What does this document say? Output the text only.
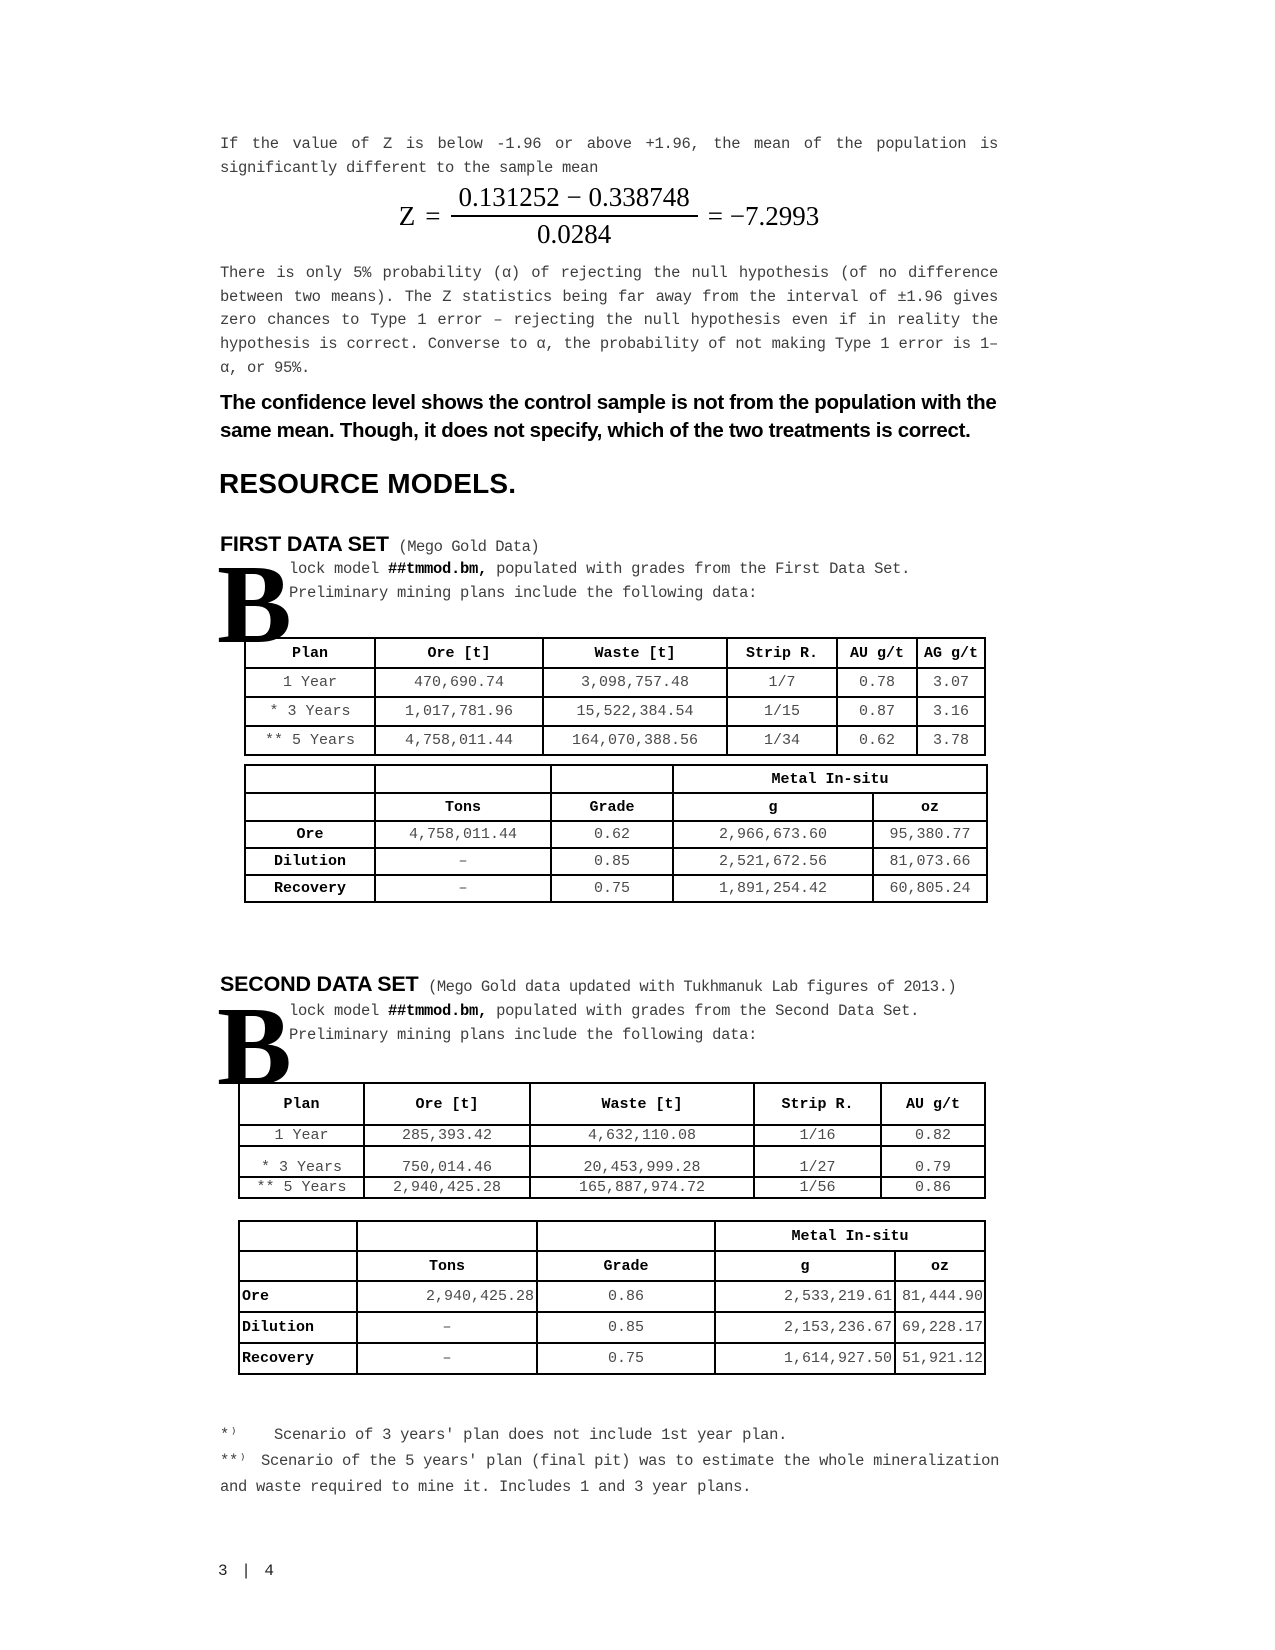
If the value of Z is below -1.96 or above +1.96, the mean of the population is significantly different to the sample mean
$Z = \frac{0.131252 - 0.338748}{0.0284} = -7.2993$
There is only 5% probability (α) of rejecting the null hypothesis (of no difference between two means). The Z statistics being far away from the interval of ±1.96 gives zero chances to Type 1 error – rejecting the null hypothesis even if in reality the hypothesis is correct. Converse to α, the probability of not making Type 1 error is 1–α, or 95%.
The confidence level shows the control sample is not from the population with the same mean. Though, it does not specify, which of the two treatments is correct.
RESOURCE MODELS.
FIRST DATA SET (Mego Gold Data)
B
lock model ##tmmod.bm, populated with grades from the First Data Set. Preliminary mining plans include the following data:
Plan	Ore [t]	Waste [t]	Strip R.	AU g/t	AG g/t
1 Year	470,690.74	3,098,757.48	1/7	0.78	3.07
* 3 Years	1,017,781.96	15,522,384.54	1/15	0.87	3.16
** 5 Years	4,758,011.44	164,070,388.56	1/34	0.62	3.78
			Metal In-situ	
	Tons	Grade	g	oz
Ore	4,758,011.44	0.62	2,966,673.60	95,380.77
Dilution	–	0.85	2,521,672.56	81,073.66
Recovery	–	0.75	1,891,254.42	60,805.24
SECOND DATA SET (Mego Gold data updated with Tukhmanuk Lab figures of 2013.)
B
lock model ##tmmod.bm, populated with grades from the Second Data Set. Preliminary mining plans include the following data:
Plan	Ore [t]	Waste [t]	Strip R.	AU g/t
1 Year	285,393.42	4,632,110.08	1/16	0.82
* 3 Years	750,014.46	20,453,999.28	1/27	0.79
** 5 Years	2,940,425.28	165,887,974.72	1/56	0.86
			Metal In-situ	
	Tons	Grade	g	oz
Ore	2,940,425.28	0.86	2,533,219.61	81,444.90
Dilution	–	0.85	2,153,236.67	69,228.17
Recovery	–	0.75	1,614,927.50	51,921.12
*⁾ Scenario of 3 years' plan does not include 1st year plan.
**⁾ Scenario of the 5 years' plan (final pit) was to estimate the whole mineralization and waste required to mine it. Includes 1 and 3 year plans.
3 | 4
